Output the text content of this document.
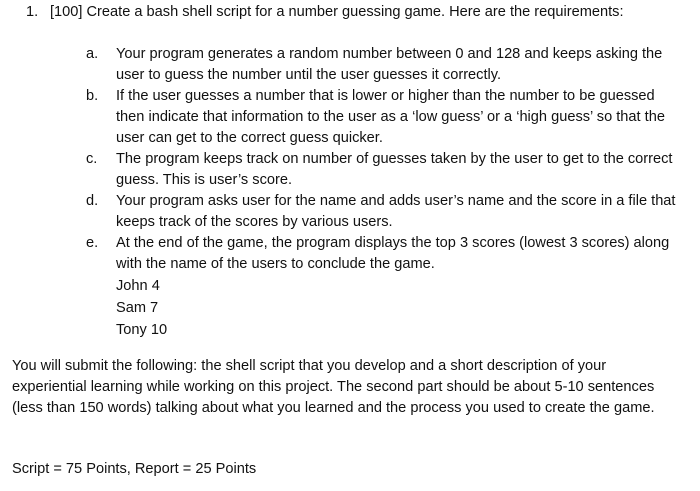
1. [100] Create a bash shell script for a number guessing game. Here are the requirements:
a.	Your program generates a random number between 0 and 128 and keeps asking the user to guess the number until the user guesses it correctly.
b.	If the user guesses a number that is lower or higher than the number to be guessed then indicate that information to the user as a ‘low guess’ or a ‘high guess’ so that the user can get to the correct guess quicker.
c.	The program keeps track on number of guesses taken by the user to get to the correct guess. This is user’s score.
d.	Your program asks user for the name and adds user’s name and the score in a file that keeps track of the scores by various users.
e.	At the end of the game, the program displays the top 3 scores (lowest 3 scores) along with the name of the users to conclude the game.
John 4
Sam 7
Tony 10

You will submit the following: the shell script that you develop and a short description of your experiential learning while working on this project. The second part should be about 5-10 sentences (less than 150 words) talking about what you learned and the process you used to create the game.

Script = 75 Points, Report = 25 Points
